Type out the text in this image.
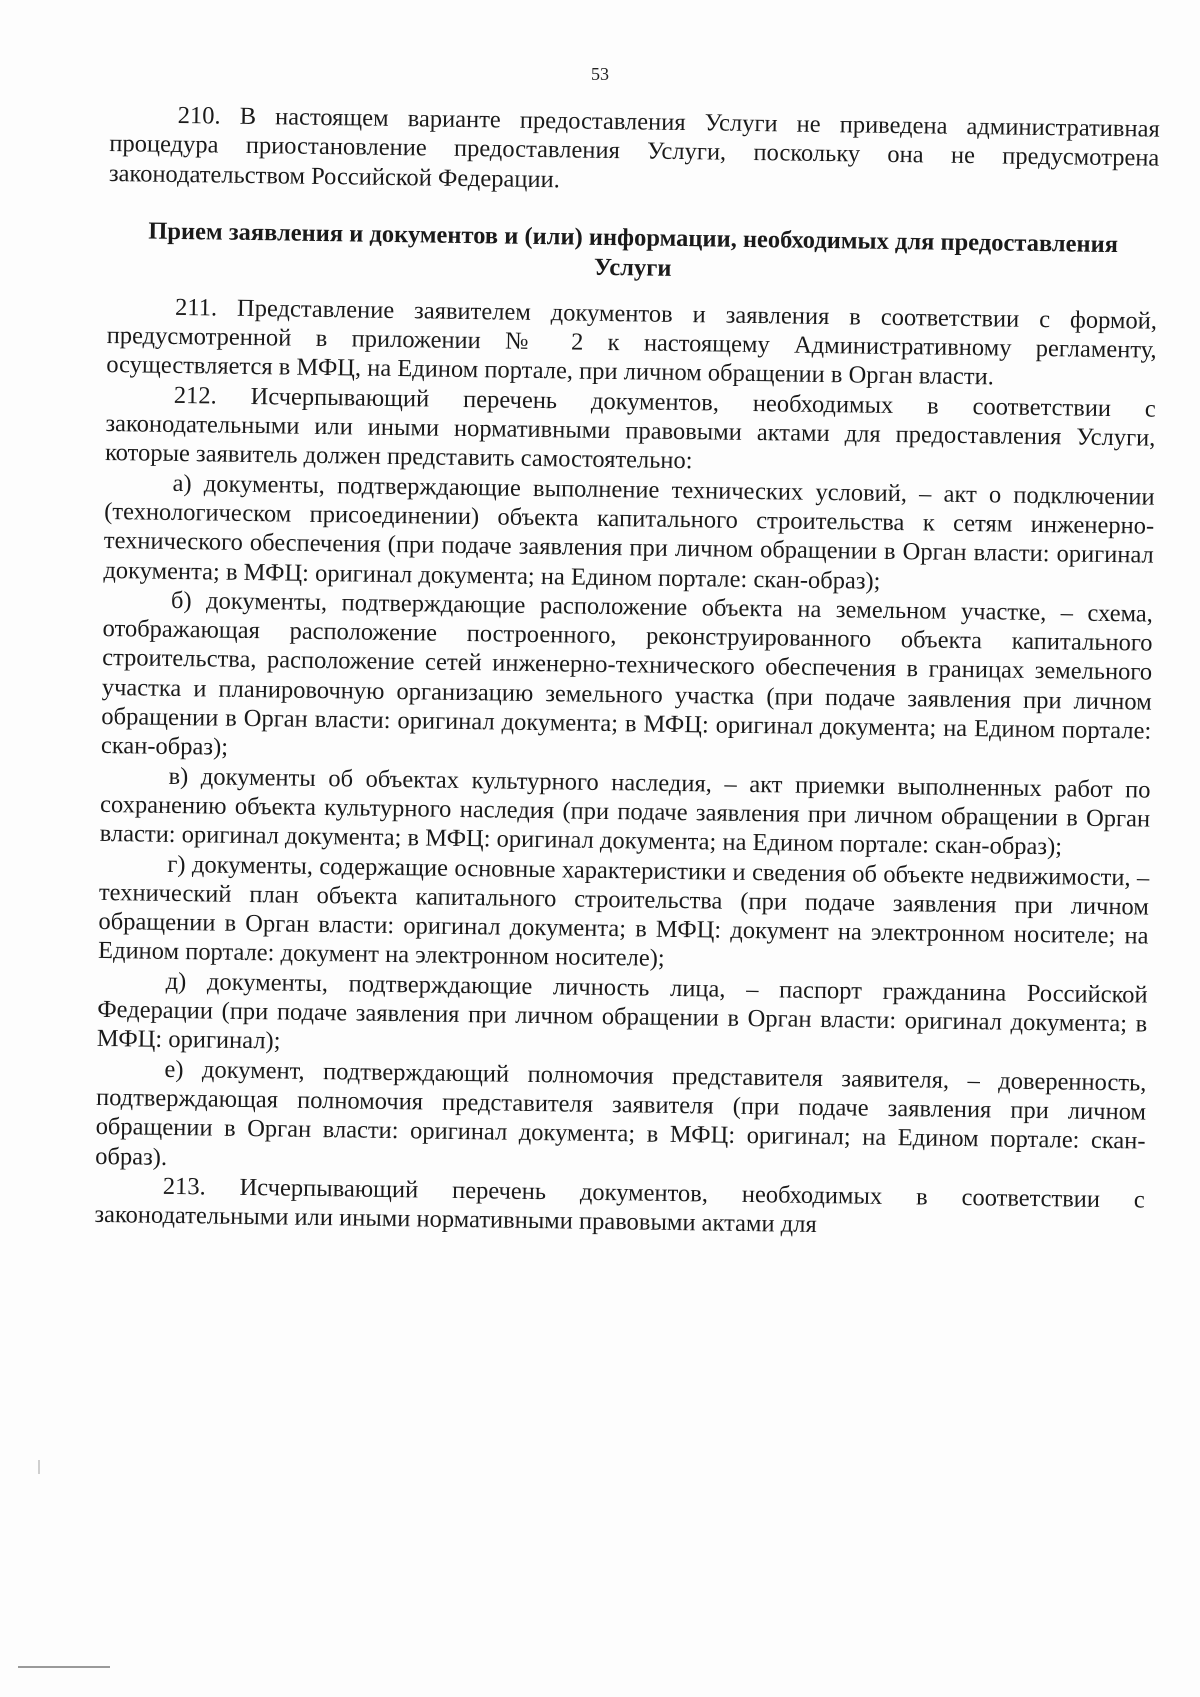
53

210. В настоящем варианте предоставления Услуги не приведена административная процедура приостановление предоставления Услуги, поскольку она не предусмотрена законодательством Российской Федерации.

Прием заявления и документов и (или) информации, необходимых для предоставления Услуги

211. Представление заявителем документов и заявления в соответствии с формой, предусмотренной в приложении № 2 к настоящему Административному регламенту, осуществляется в МФЦ, на Едином портале, при личном обращении в Орган власти.

212. Исчерпывающий перечень документов, необходимых в соответствии с законодательными или иными нормативными правовыми актами для предоставления Услуги, которые заявитель должен представить самостоятельно:

а) документы, подтверждающие выполнение технических условий, – акт о подключении (технологическом присоединении) объекта капитального строительства к сетям инженерно-технического обеспечения (при подаче заявления при личном обращении в Орган власти: оригинал документа; в МФЦ: оригинал документа; на Едином портале: скан-образ);

б) документы, подтверждающие расположение объекта на земельном участке, – схема, отображающая расположение построенного, реконструированного объекта капитального строительства, расположение сетей инженерно-технического обеспечения в границах земельного участка и планировочную организацию земельного участка (при подаче заявления при личном обращении в Орган власти: оригинал документа; в МФЦ: оригинал документа; на Едином портале: скан-образ);

в) документы об объектах культурного наследия, – акт приемки выполненных работ по сохранению объекта культурного наследия (при подаче заявления при личном обращении в Орган власти: оригинал документа; в МФЦ: оригинал документа; на Едином портале: скан-образ);

г) документы, содержащие основные характеристики и сведения об объекте недвижимости, – технический план объекта капитального строительства (при подаче заявления при личном обращении в Орган власти: оригинал документа; в МФЦ: документ на электронном носителе; на Едином портале: документ на электронном носителе);

д) документы, подтверждающие личность лица, – паспорт гражданина Российской Федерации (при подаче заявления при личном обращении в Орган власти: оригинал документа; в МФЦ: оригинал);

е) документ, подтверждающий полномочия представителя заявителя, – доверенность, подтверждающая полномочия представителя заявителя (при подаче заявления при личном обращении в Орган власти: оригинал документа; в МФЦ: оригинал; на Едином портале: скан-образ).

213. Исчерпывающий перечень документов, необходимых в соответствии с законодательными или иными нормативными правовыми актами для
